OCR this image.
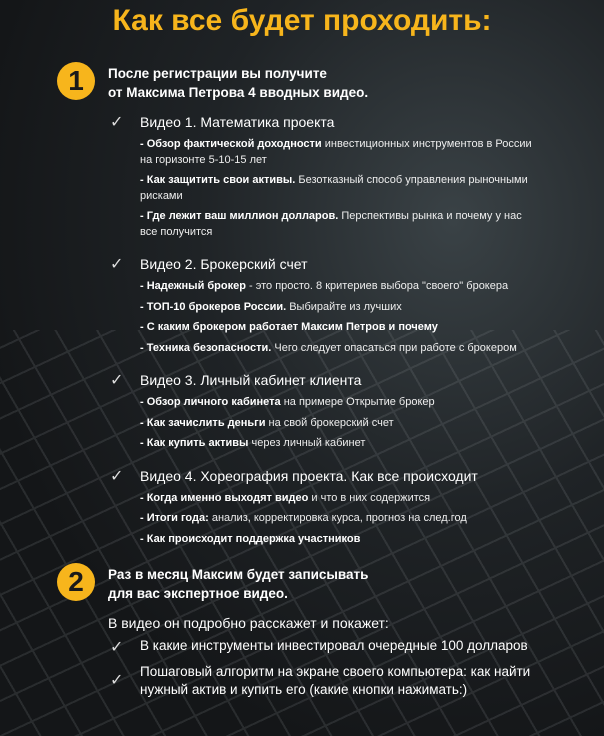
Как все будет проходить:
1	После регистрации вы получите
от Максима Петрова 4 вводных видео.
✓ Видео 1. Математика проекта
- Обзор фактической доходности инвестиционных инструментов в России на горизонте 5-10-15 лет
- Как защитить свои активы. Безотказный способ управления рыночными рисками
- Где лежит ваш миллион долларов. Перспективы рынка и почему у нас все получится
✓ Видео 2. Брокерский счет
- Надежный брокер - это просто. 8 критериев выбора "своего" брокера
- ТОП-10 брокеров России. Выбирайте из лучших
- С каким брокером работает Максим Петров и почему
- Техника безопасности. Чего следует опасаться при работе с брокером
✓ Видео 3. Личный кабинет клиента
- Обзор личного кабинета на примере Открытие брокер
- Как зачислить деньги на свой брокерский счет
- Как купить активы через личный кабинет
✓ Видео 4. Хореография проекта. Как все происходит
- Когда именно выходят видео и что в них содержится
- Итоги года: анализ, корректировка курса, прогноз на след.год
- Как происходит поддержка участников
2	Раз в месяц Максим будет записывать
для вас экспертное видео.
В видео он подробно расскажет и покажет:
✓ В какие инструменты инвестировал очередные 100 долларов
✓
Пошаговый алгоритм на экране своего компьютера: как найти нужный актив и купить его (какие кнопки нажимать:)
